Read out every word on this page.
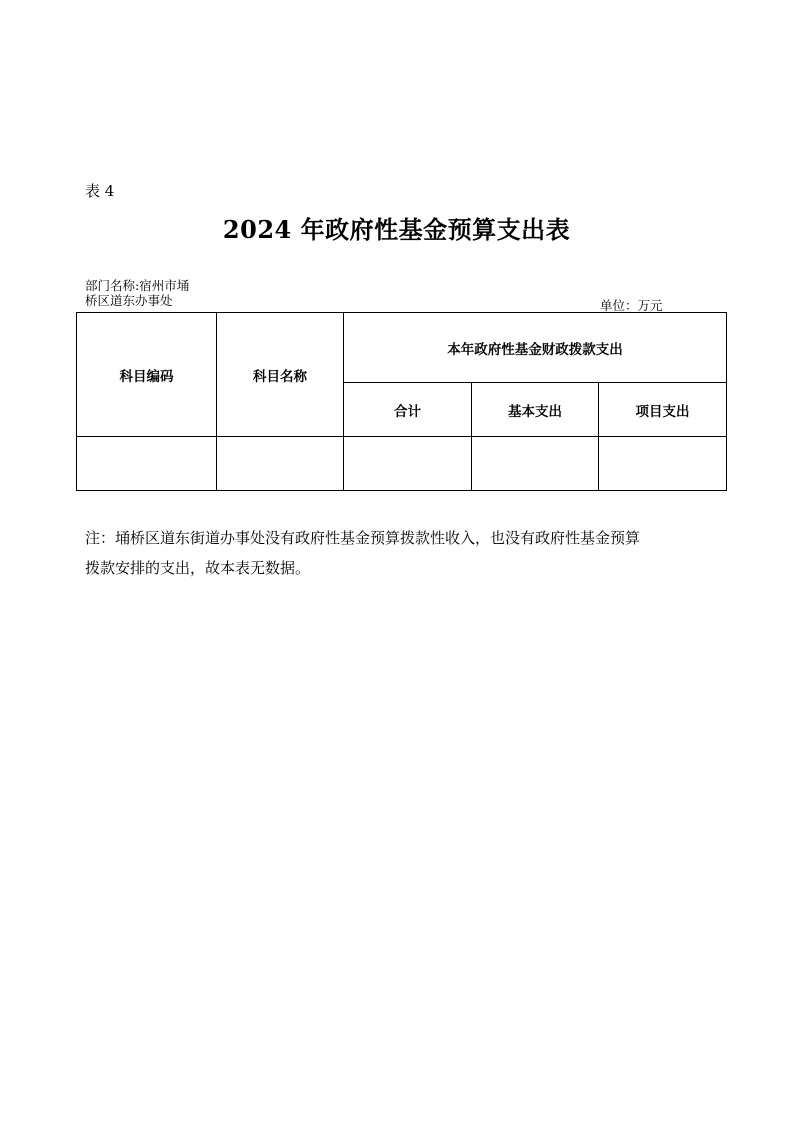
表 4
2024 年政府性基金预算支出表
部门名称:宿州市埇
桥区道东办事处	单位：万元
科目编码	科目名称	本年政府性基金财政拨款支出		
		合计	基本支出	项目支出

注：埇桥区道东街道办事处没有政府性基金预算拨款性收入，也没有政府性基金预算
拨款安排的支出，故本表无数据。
